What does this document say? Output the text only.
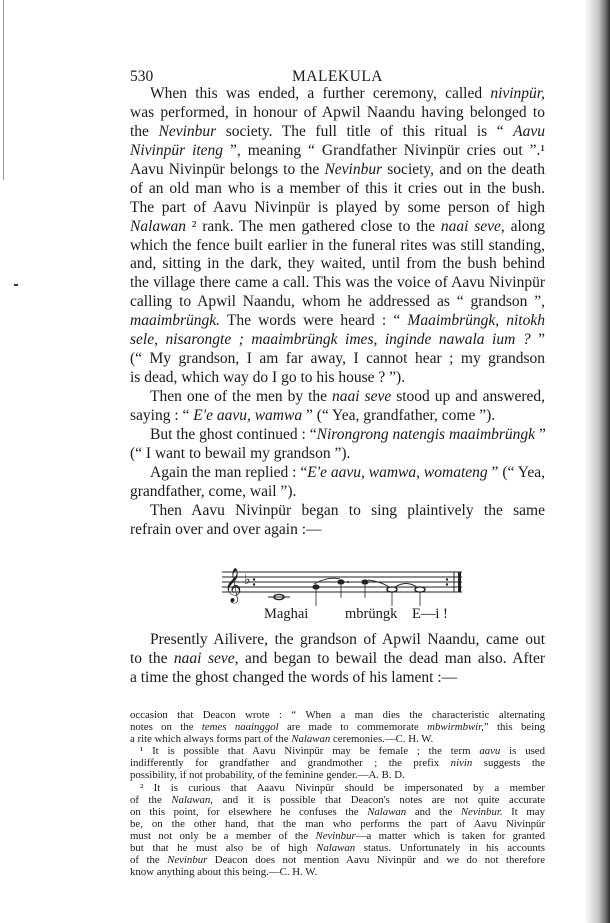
530	MALEKULA
When this was ended, a further ceremony, called nivinpür,
was performed, in honour of Apwil Naandu having belonged to
the Nevinbur society. The full title of this ritual is “ Aavu
Nivinpür iteng ”, meaning “ Grandfather Nivinpür cries out ”.¹
Aavu Nivinpür belongs to the Nevinbur society, and on the death
of an old man who is a member of this it cries out in the bush.
The part of Aavu Nivinpür is played by some person of high
Nalawan ² rank. The men gathered close to the naai seve, along
which the fence built earlier in the funeral rites was still standing,
and, sitting in the dark, they waited, until from the bush behind
the village there came a call. This was the voice of Aavu Nivinpür
calling to Apwil Naandu, whom he addressed as “ grandson ”,
maaimbrüngk. The words were heard : “ Maaimbrüngk, nitokh
sele, nisarongte ; maaimbrüngk imes, inginde nawala ium ? ”
(“ My grandson, I am far away, I cannot hear ; my grandson
is dead, which way do I go to his house ? ”).
Then one of the men by the naai seve stood up and answered,
saying : “ E'e aavu, wamwa ” (“ Yea, grandfather, come ”).
But the ghost continued : “Nirongrong natengis maaimbrüngk ”
(“ I want to bewail my grandson ”).
Again the man replied : “E'e aavu, wamwa, womateng ” (“ Yea,
grandfather, come, wail ”).
Then Aavu Nivinpür began to sing plaintively the same
refrain over and over again :—
𝄞 ♭
Maghai	mbrüngk E—i !
Presently Ailivere, the grandson of Apwil Naandu, came out
to the naai seve, and began to bewail the dead man also. After
a time the ghost changed the words of his lament :—
occasion that Deacon wrote : “ When a man dies the characteristic alternating
notes on the temes naainggol are made to commemorate mbwirmbwir,” this being
a rite which always forms part of the Nalawan ceremonies.—C. H. W.
¹ It is possible that Aavu Nivinpür may be female ; the term aavu is used
indifferently for grandfather and grandmother ; the prefix nivin suggests the
possibility, if not probability, of the feminine gender.—A. B. D.
² It is curious that Aaavu Nivinpür should be impersonated by a member
of the Nalawan, and it is possible that Deacon's notes are not quite accurate
on this point, for elsewhere he confuses the Nalawan and the Nevinbur. It may
be, on the other hand, that the man who performs the part of Aavu Nivinpür
must not only be a member of the Nevinbur—a matter which is taken for granted
but that he must also be of high Nalawan status. Unfortunately in his accounts
of the Nevinbur Deacon does not mention Aavu Nivinpür and we do not therefore
know anything about this being.—C. H. W.
